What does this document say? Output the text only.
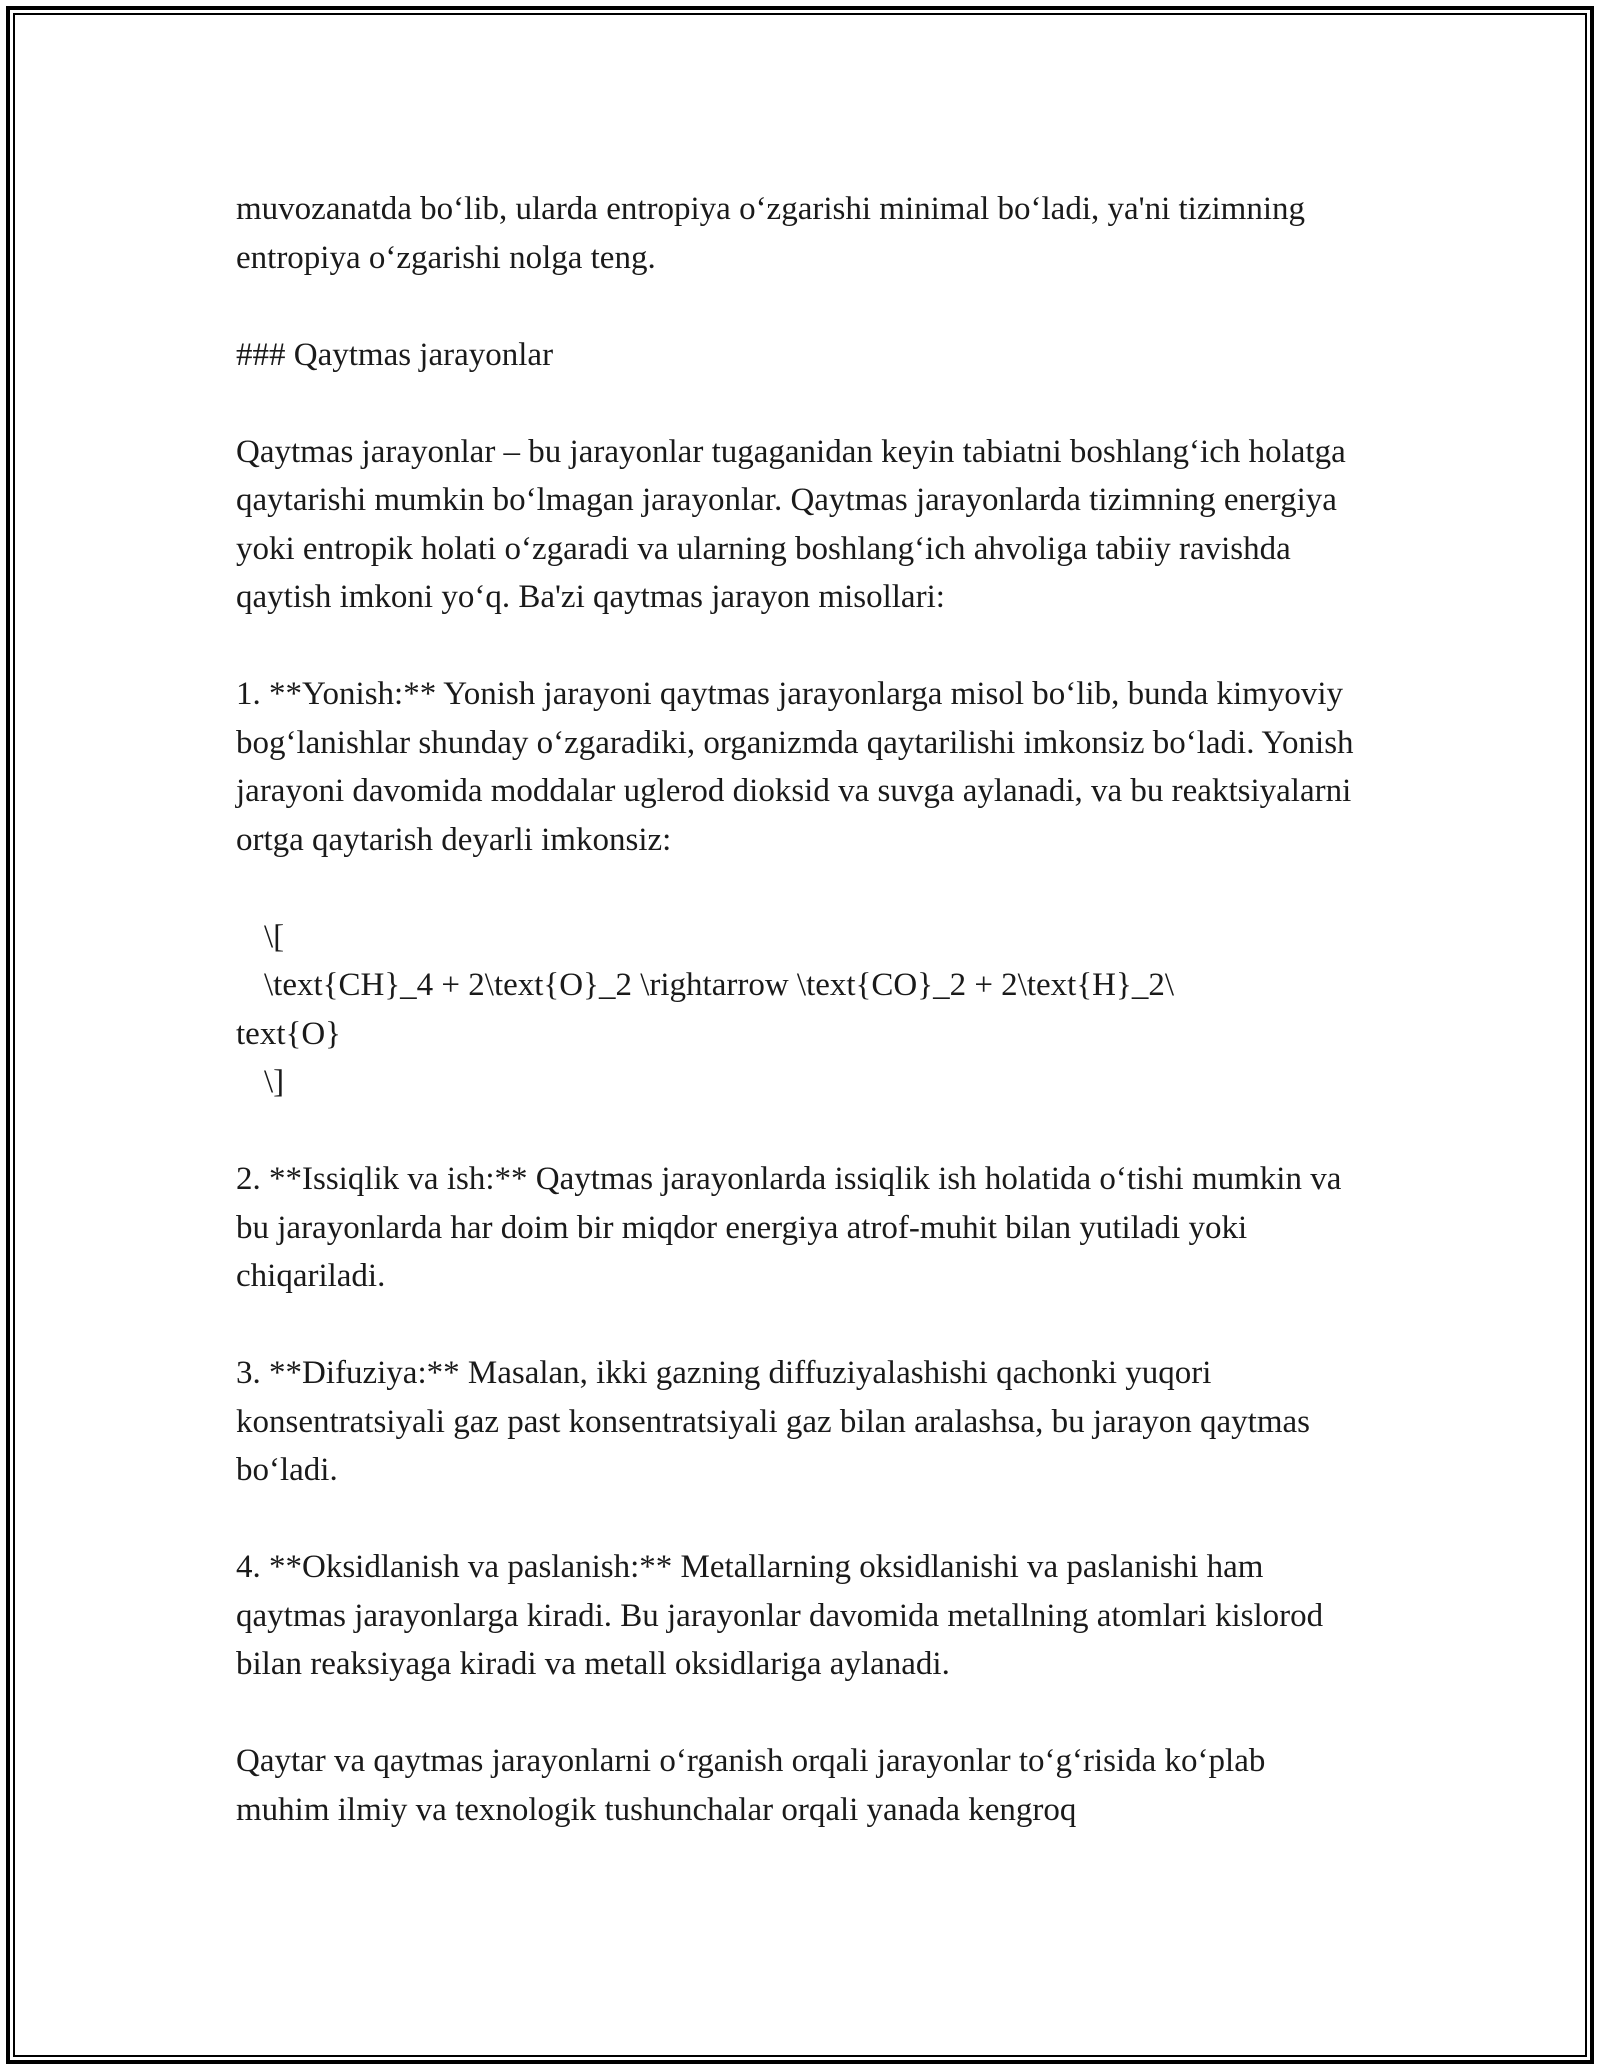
muvozanatda bo‘lib, ularda entropiya o‘zgarishi minimal bo‘ladi, ya'ni tizimning entropiya o‘zgarishi nolga teng.

### Qaytmas jarayonlar

Qaytmas jarayonlar – bu jarayonlar tugaganidan keyin tabiatni boshlang‘ich holatga qaytarishi mumkin bo‘lmagan jarayonlar. Qaytmas jarayonlarda tizimning energiya yoki entropik holati o‘zgaradi va ularning boshlang‘ich ahvoliga tabiiy ravishda qaytish imkoni yo‘q. Ba'zi qaytmas jarayon misollari:

1. **Yonish:** Yonish jarayoni qaytmas jarayonlarga misol bo‘lib, bunda kimyoviy bog‘lanishlar shunday o‘zgaradiki, organizmda qaytarilishi imkonsiz bo‘ladi. Yonish jarayoni davomida moddalar uglerod dioksid va suvga aylanadi, va bu reaktsiyalarni ortga qaytarish deyarli imkonsiz:

\[
\text{CH}_4 + 2\text{O}_2 \rightarrow \text{CO}_2 + 2\text{H}_2\
text{O}
\]

2. **Issiqlik va ish:** Qaytmas jarayonlarda issiqlik ish holatida o‘tishi mumkin va bu jarayonlarda har doim bir miqdor energiya atrof-muhit bilan yutiladi yoki chiqariladi.

3. **Difuziya:** Masalan, ikki gazning diffuziyalashishi qachonki yuqori konsentratsiyali gaz past konsentratsiyali gaz bilan aralashsa, bu jarayon qaytmas bo‘ladi.

4. **Oksidlanish va paslanish:** Metallarning oksidlanishi va paslanishi ham qaytmas jarayonlarga kiradi. Bu jarayonlar davomida metallning atomlari kislorod bilan reaksiyaga kiradi va metall oksidlariga aylanadi.

Qaytar va qaytmas jarayonlarni o‘rganish orqali jarayonlar to‘g‘risida ko‘plab muhim ilmiy va texnologik tushunchalar orqali yanada kengroq
